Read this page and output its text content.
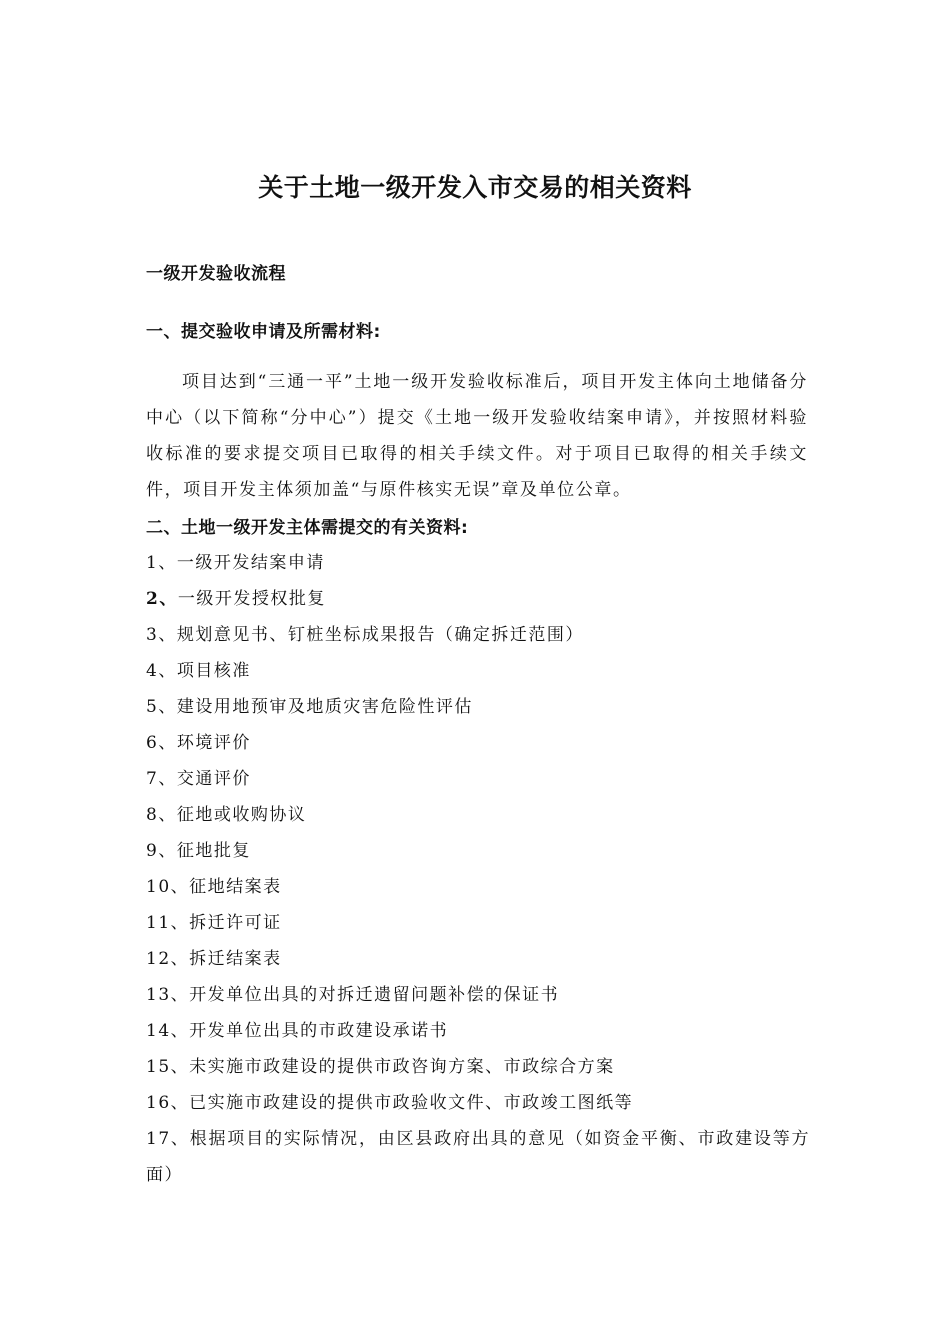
关于土地一级开发入市交易的相关资料
一级开发验收流程
一、提交验收申请及所需材料:
项目达到“三通一平”土地一级开发验收标准后，项目开发主体向土地储备分中心（以下简称“分中心”）提交《土地一级开发验收结案申请》，并按照材料验收标准的要求提交项目已取得的相关手续文件。对于项目已取得的相关手续文件，项目开发主体须加盖“与原件核实无误”章及单位公章。
二、土地一级开发主体需提交的有关资料:
1、一级开发结案申请
2、一级开发授权批复
3、规划意见书、钉桩坐标成果报告（确定拆迁范围）
4、项目核准
5、建设用地预审及地质灾害危险性评估
6、环境评价
7、交通评价
8、征地或收购协议
9、征地批复
10、征地结案表
11、拆迁许可证
12、拆迁结案表
13、开发单位出具的对拆迁遗留问题补偿的保证书
14、开发单位出具的市政建设承诺书
15、未实施市政建设的提供市政咨询方案、市政综合方案
16、已实施市政建设的提供市政验收文件、市政竣工图纸等
17、根据项目的实际情况，由区县政府出具的意见（如资金平衡、市政建设等方面）
